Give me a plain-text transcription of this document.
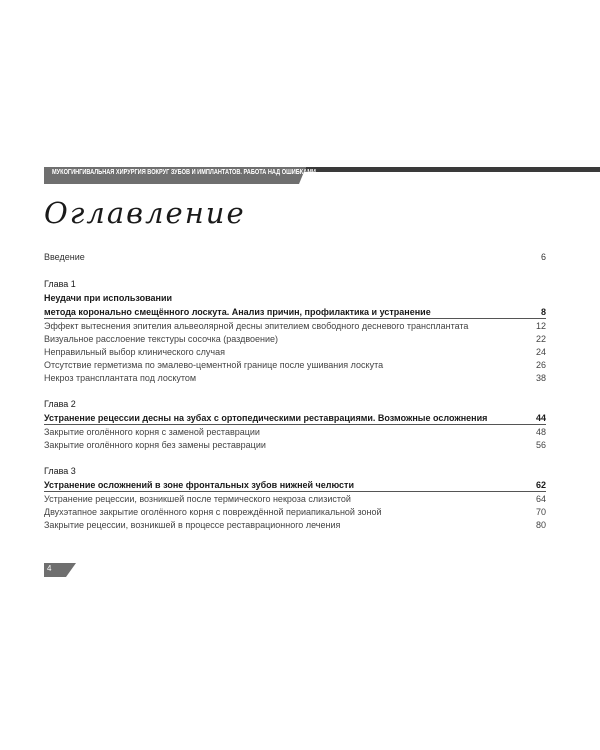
МУКОГИНГИВАЛЬНАЯ ХИРУРГИЯ ВОКРУГ ЗУБОВ И ИМПЛАНТАТОВ. РАБОТА НАД ОШИБКАМИ
Оглавление
Введение	6
Глава 1
Неудачи при использовании
метода коронально смещённого лоскута. Анализ причин, профилактика и устранение	8
Эффект вытеснения эпителия альвеолярной десны эпителием свободного десневого трансплантата	12
Визуальное расслоение текстуры сосочка (раздвоение)	22
Неправильный выбор клинического случая	24
Отсутствие герметизма по эмалево-цементной границе после ушивания лоскута	26
Некроз трансплантата под лоскутом	38
Глава 2
Устранение рецессии десны на зубах с ортопедическими реставрациями. Возможные осложнения	44
Закрытие оголённого корня с заменой реставрации	48
Закрытие оголённого корня без замены реставрации	56
Глава 3
Устранение осложнений в зоне фронтальных зубов нижней челюсти	62
Устранение рецессии, возникшей после термического некроза слизистой	64
Двухэтапное закрытие оголённого корня с повреждённой периапикальной зоной	70
Закрытие рецессии, возникшей в процессе реставрационного лечения	80
4
